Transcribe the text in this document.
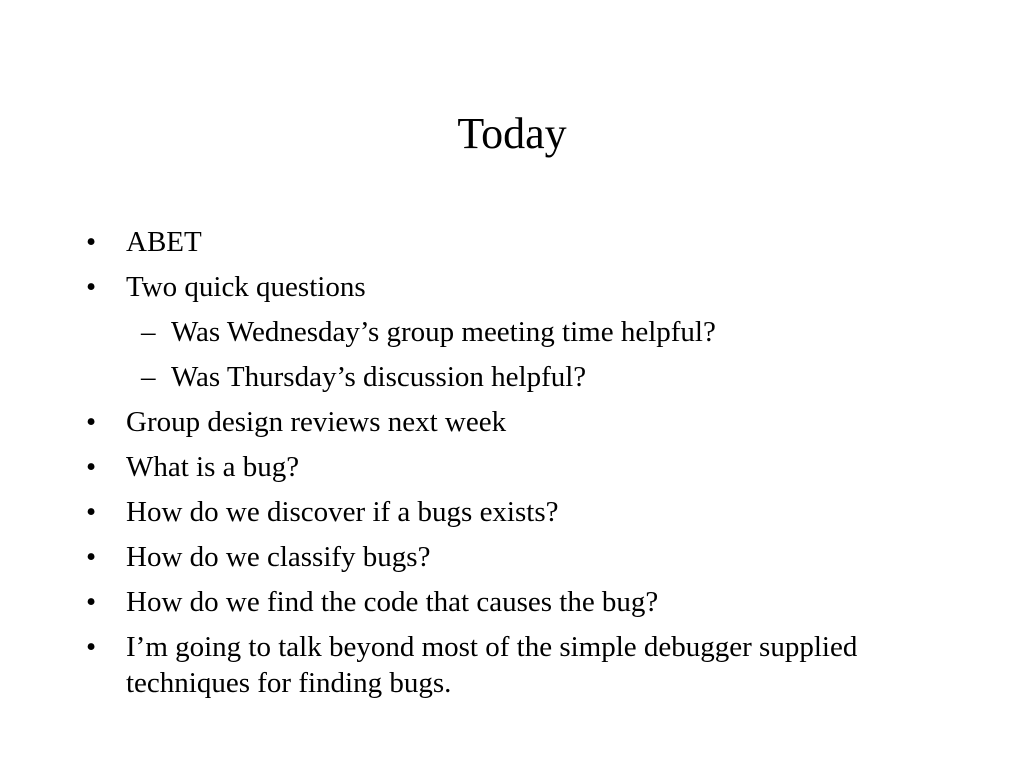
Today
•	ABET
•	Two quick questions
– Was Wednesday’s group meeting time helpful?
– Was Thursday’s discussion helpful?
•	Group design reviews next week
•	What is a bug?
•	How do we discover if a bugs exists?
•	How do we classify bugs?
•	How do we find the code that causes the bug?
•	I’m going to talk beyond most of the simple debugger supplied techniques for finding bugs.
